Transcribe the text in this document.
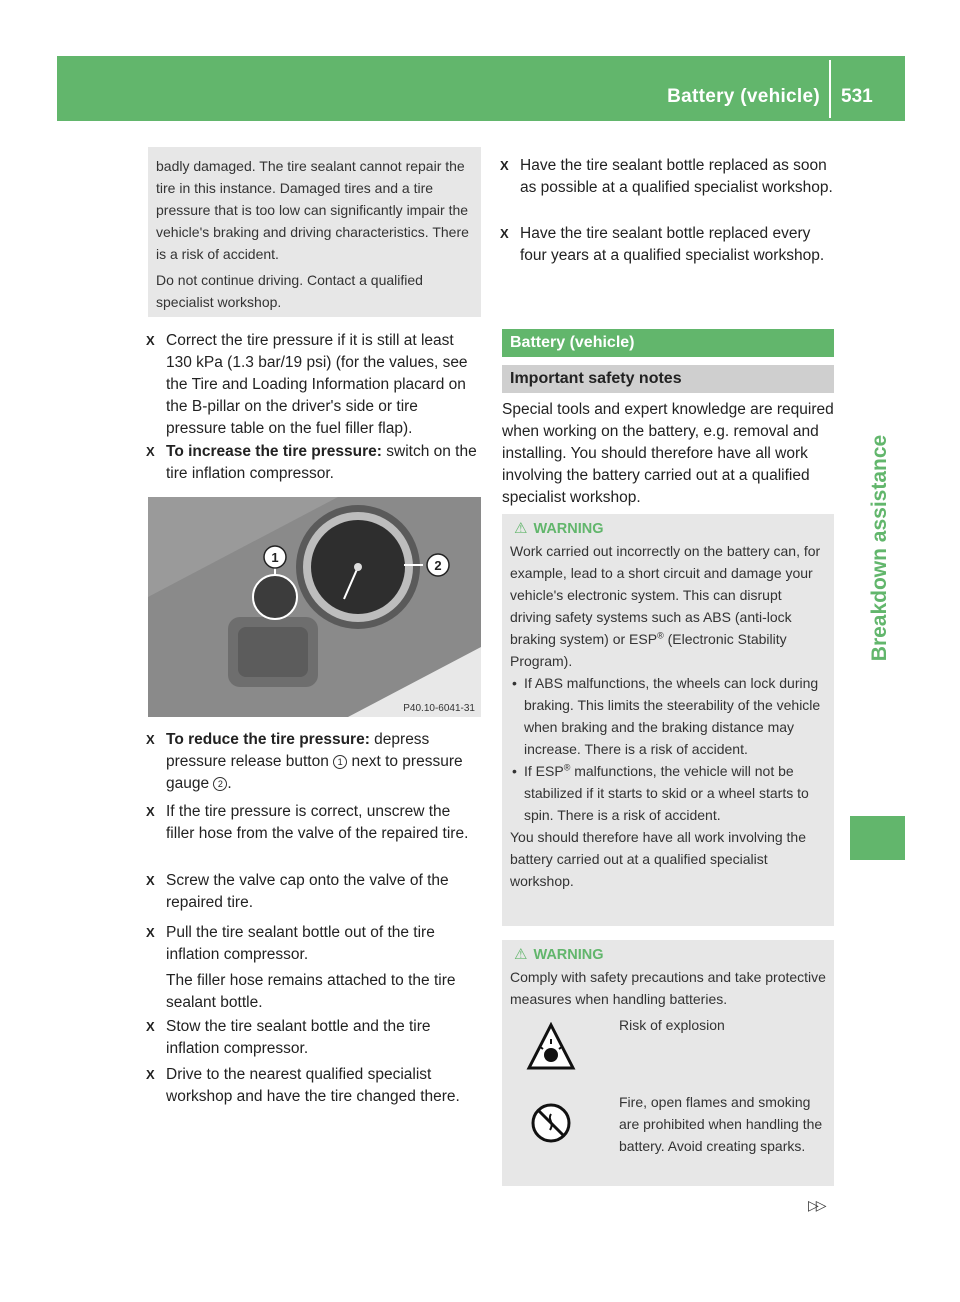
Battery (vehicle) 531
Breakdown assistance

badly damaged. The tire sealant cannot repair the tire in this instance. Damaged tires and a tire pressure that is too low can significantly impair the vehicle's braking and driving characteristics. There is a risk of accident.

Do not continue driving. Contact a qualified specialist workshop.

X Correct the tire pressure if it is still at least 130 kPa (1.3 bar/19 psi) (for the values, see the Tire and Loading Information placard on the B-pillar on the driver's side or tire pressure table on the fuel filler flap).
X To increase the tire pressure: switch on the tire inflation compressor.
1
2
P40.10-6041-31
X To reduce the tire pressure: depress pressure release button 1 next to pressure gauge 2 .
X If the tire pressure is correct, unscrew the filler hose from the valve of the repaired tire.
X Screw the valve cap onto the valve of the repaired tire.
X Pull the tire sealant bottle out of the tire inflation compressor.
The filler hose remains attached to the tire sealant bottle.
X Stow the tire sealant bottle and the tire inflation compressor.
X Drive to the nearest qualified specialist workshop and have the tire changed there.
X Have the tire sealant bottle replaced as soon as possible at a qualified specialist workshop.
X Have the tire sealant bottle replaced every four years at a qualified specialist workshop.
Battery (vehicle)
Important safety notes
Special tools and expert knowledge are required when working on the battery, e.g. removal and installing. You should therefore have all work involving the battery carried out at a qualified specialist workshop.
⚠ WARNING
Work carried out incorrectly on the battery can, for example, lead to a short circuit and damage your vehicle's electronic system. This can disrupt driving safety systems such as ABS (anti-lock braking system) or ESP® (Electronic Stability Program).
• If ABS malfunctions, the wheels can lock during braking. This limits the steerability of the vehicle when braking and the braking distance may increase. There is a risk of accident.
• If ESP® malfunctions, the vehicle will not be stabilized if it starts to skid or a wheel starts to spin. There is a risk of accident.
You should therefore have all work involving the battery carried out at a qualified specialist workshop.
⚠ WARNING
Comply with safety precautions and take protective measures when handling batteries.
Risk of explosion
Fire, open flames and smoking are prohibited when handling the battery. Avoid creating sparks.
▷▷
